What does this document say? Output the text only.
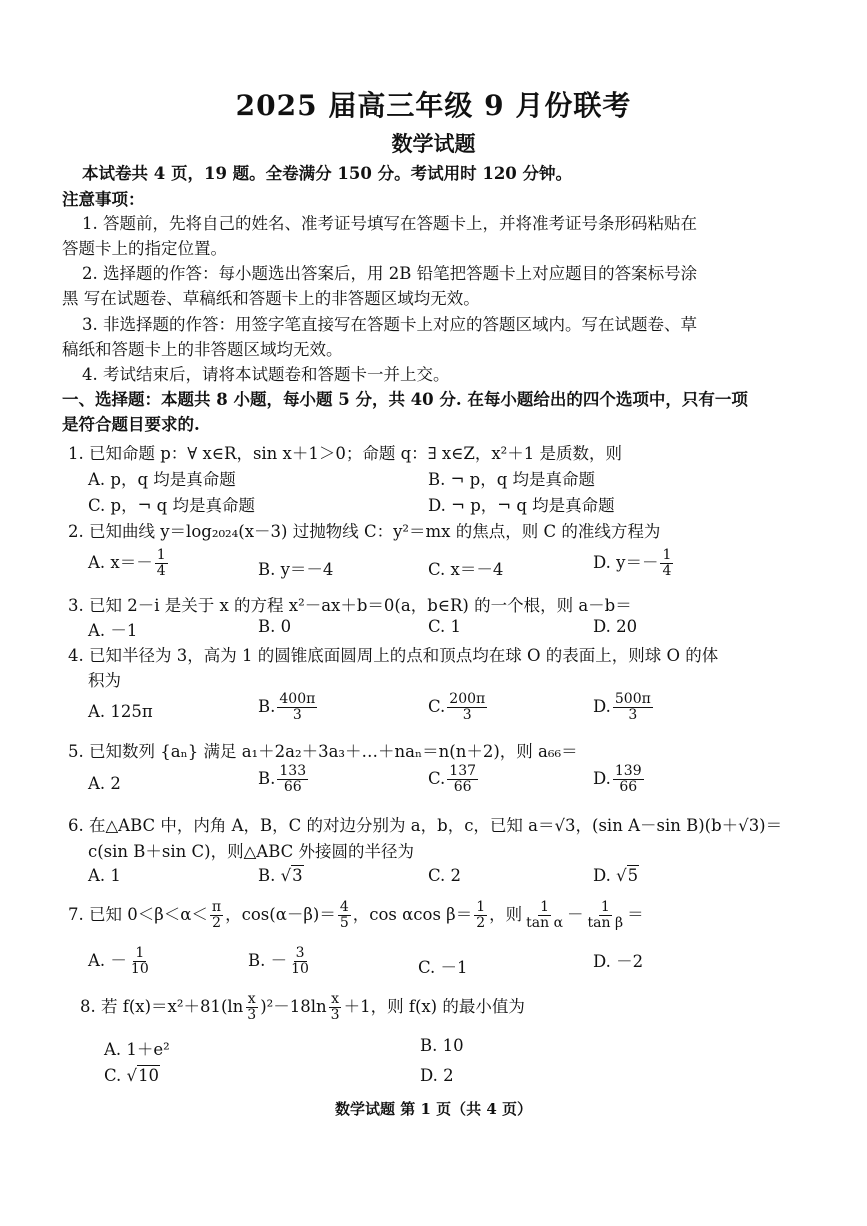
2025 届高三年级 9 月份联考
数学试题
本试卷共 4 页，19 题。全卷满分 150 分。考试用时 120 分钟。
注意事项：
1. 答题前，先将自己的姓名、准考证号填写在答题卡上，并将准考证号条形码粘贴在
答题卡上的指定位置。
2. 选择题的作答：每小题选出答案后，用 2B 铅笔把答题卡上对应题目的答案标号涂
黑 写在试题卷、草稿纸和答题卡上的非答题区域均无效。
3. 非选择题的作答：用签字笔直接写在答题卡上对应的答题区域内。写在试题卷、草
稿纸和答题卡上的非答题区域均无效。
4. 考试结束后，请将本试题卷和答题卡一并上交。
一、选择题：本题共 8 小题，每小题 5 分，共 40 分. 在每小题给出的四个选项中，只有一项
是符合题目要求的.
1. 已知命题 p：∀ x∈R，sin x＋1＞0；命题 q：∃ x∈Z，x²＋1 是质数，则
A. p，q 均是真命题	B. ¬ p，q 均是真命题
C. p，¬ q 均是真命题	D. ¬ p，¬ q 均是真命题
2. 已知曲线 y＝log₂₀₂₄(x－3) 过抛物线 C：y²＝mx 的焦点，则 C 的准线方程为
A. $x=- \frac{1}{4}$	B. y＝－4	C. x＝－4	D. $y=- \frac{1}{4}$
3. 已知 2－i 是关于 x 的方程 x²－ax＋b＝0(a，b∈R) 的一个根，则 a－b＝
A. －1	B. 0	C. 1	D. 20
4. 已知半径为 3，高为 1 的圆锥底面圆周上的点和顶点均在球 O 的表面上，则球 O 的体
积为
A. 125π	B. $\frac{400\pi}{3}$	C. $\frac{200\pi}{3}$	D. $\frac{500\pi}{3}$
5. 已知数列 {aₙ} 满足 a₁＋2a₂＋3a₃＋…＋naₙ＝n(n＋2)，则 a₆₆＝
A. 2	B. $\frac{133}{66}$	C. $\frac{137}{66}$	D. $\frac{139}{66}$
6. 在△ABC 中，内角 A，B，C 的对边分别为 a，b，c，已知 a＝√3，(sin A－sin B)(b＋√3)＝
c(sin B＋sin C)，则△ABC 外接圆的半径为
A. 1	B. √3	C. 2	D. √5
7. 已知 $0<\beta<\alpha< \frac{\pi}{2}$ ，$\cos(\alpha-\beta)= \frac{4}{5}$ ，cos αcos $\beta= \frac{1}{2}$ ，则 $\frac{1}{\text{tan α}} - \frac{1}{\text{tan β}}$ ＝
A. － $\frac{1}{10}$	B. － $\frac{3}{10}$	C. －1	D. －2
8. 若 $f(x)=x^2+81(\ln \frac{x}{3} )^2-18\ln \frac{x}{3} +1$，则 f(x) 的最小值为
A. 1＋e²	B. 10
C. √10	D. 2
数学试题 第 1 页（共 4 页）
